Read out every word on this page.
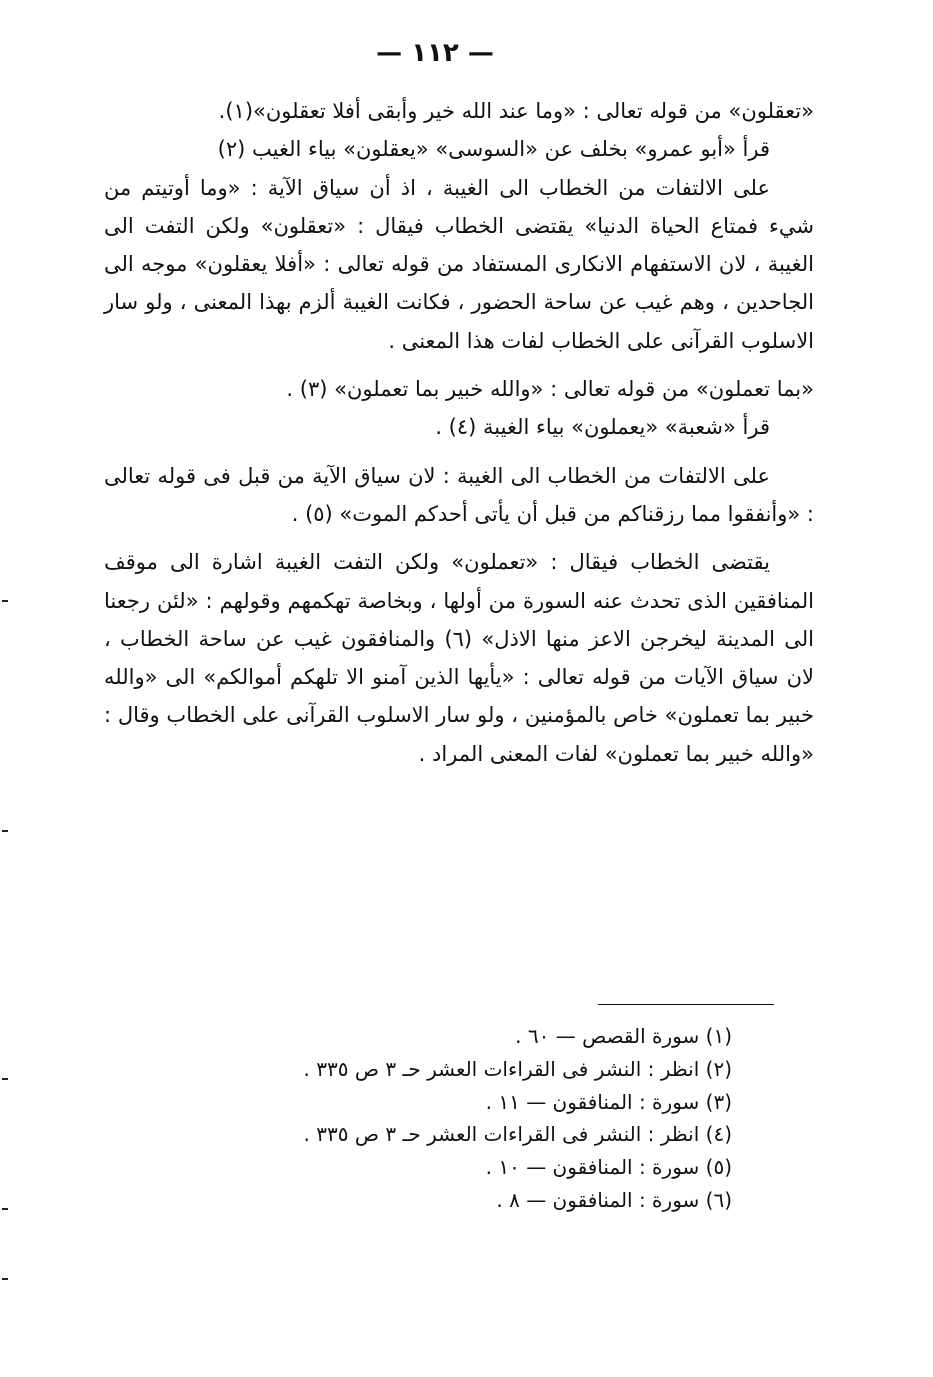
— ١١٢ —

«تعقلون» من قوله تعالى : «وما عند الله خير وأبقى أفلا تعقلون»(١).

قرأ «أبو عمرو» بخلف عن «السوسى» «يعقلون» بياء الغيب (٢)

على الالتفات من الخطاب الى الغيبة ، اذ أن سياق الآية : «وما أوتيتم من شيء فمتاع الحياة الدنيا» يقتضى الخطاب فيقال : «تعقلون» ولكن التفت الى الغيبة ، لان الاستفهام الانكارى المستفاد من قوله تعالى : «أفلا يعقلون» موجه الى الجاحدين ، وهم غيب عن ساحة الحضور ، فكانت الغيبة ألزم بهذا المعنى ، ولو سار الاسلوب القرآنى على الخطاب لفات هذا المعنى .

«بما تعملون» من قوله تعالى : «والله خبير بما تعملون» (٣) .

قرأ «شعبة» «يعملون» بياء الغيبة (٤) .

على الالتفات من الخطاب الى الغيبة : لان سياق الآية من قبل فى قوله تعالى : «وأنفقوا مما رزقناكم من قبل أن يأتى أحدكم الموت» (٥) .

يقتضى الخطاب فيقال : «تعملون» ولكن التفت الغيبة اشارة الى موقف المنافقين الذى تحدث عنه السورة من أولها ، وبخاصة تهكمهم وقولهم : «لئن رجعنا الى المدينة ليخرجن الاعز منها الاذل» (٦) والمنافقون غيب عن ساحة الخطاب ، لان سياق الآيات من قوله تعالى : «يأيها الذين آمنو الا تلهكم أموالكم» الى «والله خبير بما تعملون» خاص بالمؤمنين ، ولو سار الاسلوب القرآنى على الخطاب وقال : «والله خبير بما تعملون» لفات المعنى المراد .

(١) سورة القصص — ٦٠ .

(٢) انظر : النشر فى القراءات العشر حـ ٣ ص ٣٣٥ .

(٣) سورة : المنافقون — ١١ .

(٤) انظر : النشر فى القراءات العشر حـ ٣ ص ٣٣٥ .

(٥) سورة : المنافقون — ١٠ .

(٦) سورة : المنافقون — ٨ .
